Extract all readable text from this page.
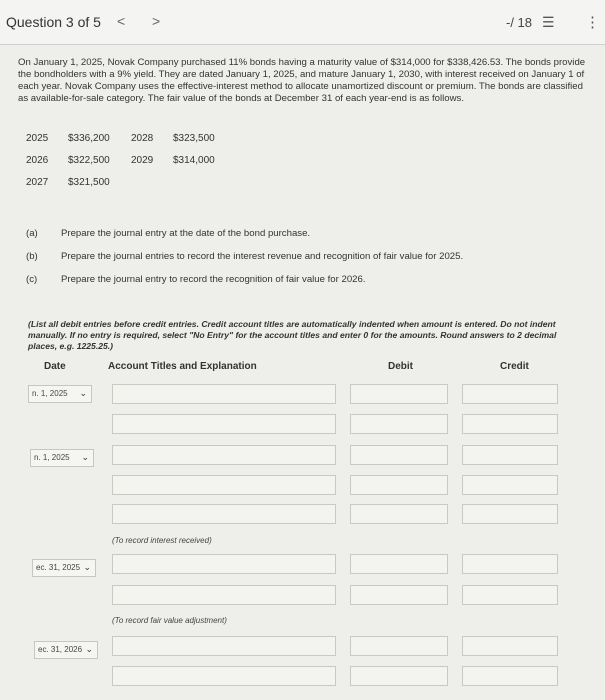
Question 3 of 5 < >	-/ 18 ☰ ⋮
On January 1, 2025, Novak Company purchased 11% bonds having a maturity value of $314,000 for $338,426.53. The bonds provide the bondholders with a 9% yield. They are dated January 1, 2025, and mature January 1, 2030, with interest received on January 1 of each year. Novak Company uses the effective-interest method to allocate unamortized discount or premium. The bonds are classified as available-for-sale category. The fair value of the bonds at December 31 of each year-end is as follows.
2025 $336,200 2028 $323,500
2026 $322,500 2029 $314,000
2027 $321,500
(a) Prepare the journal entry at the date of the bond purchase.
(b) Prepare the journal entries to record the interest revenue and recognition of fair value for 2025.
(c) Prepare the journal entry to record the recognition of fair value for 2026.
(List all debit entries before credit entries. Credit account titles are automatically indented when amount is entered. Do not indent manually. If no entry is required, select "No Entry" for the account titles and enter 0 for the amounts. Round answers to 2 decimal places, e.g. 1225.25.)
Date	Account Titles and Explanation	Debit	Credit
n. 1, 2025 ⌄
n. 1, 2025 ⌄
(To record interest received)
ec. 31, 2025 ⌄
(To record fair value adjustment)
ec. 31, 2026 ⌄
